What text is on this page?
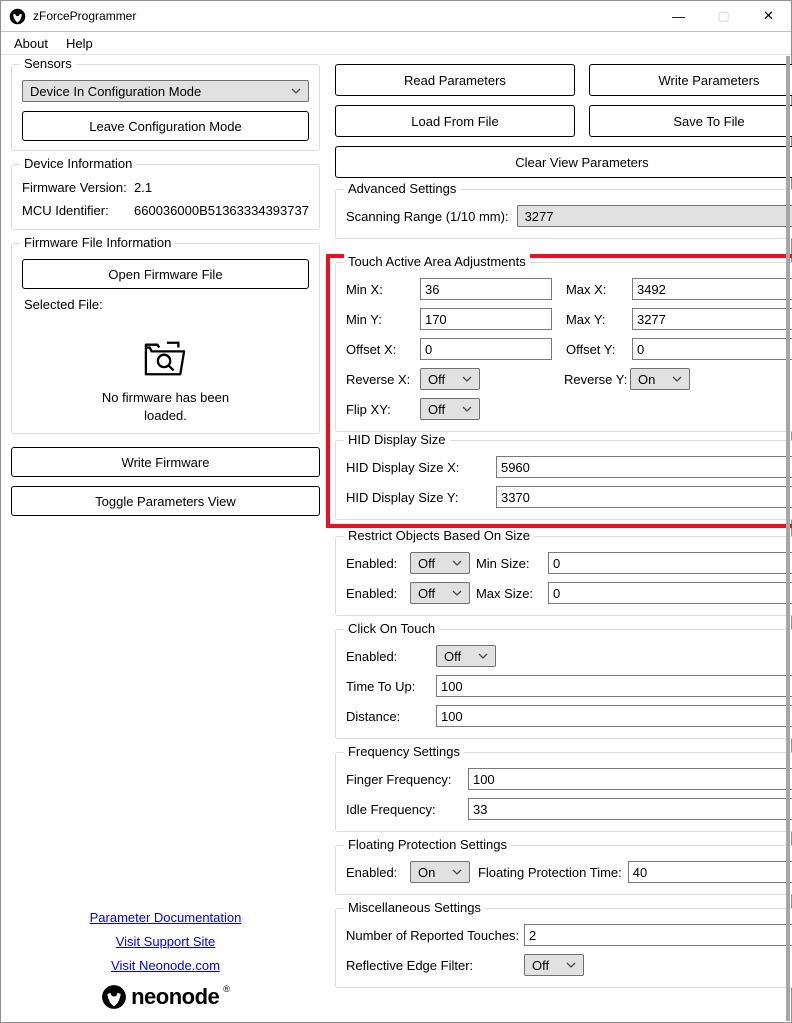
zForceProgrammer	—	▢	✕
About	Help
Sensors
Device In Configuration Mode
Leave Configuration Mode
Device Information
Firmware Version: 2.1
MCU Identifier:	660036000B51363334393737
Firmware File Information
Open Firmware File
Selected File:
No firmware has been
loaded.
Write Firmware
Toggle Parameters View
Parameter Documentation
Visit Support Site
Visit Neonode.com
neonode ®
Read Parameters	Write Parameters
Load From File	Save To File
Clear View Parameters
Advanced Settings
Scanning Range (1/10 mm): 3277
Touch Active Area Adjustments
Min X:
36	Max X:
3492
Min Y:
170	Max Y:
3277
Offset X:
0	Offset Y:
0
Reverse X:	Off	Reverse Y: On
Flip XY:	Off
HID Display Size
HID Display Size X:
5960
HID Display Size Y:
3370
Restrict Objects Based On Size
Enabled:	Off	Min Size:
0
Enabled:	Off	Max Size:
0
Click On Touch
Enabled:	Off
Time To Up:
100
Distance:
100
Frequency Settings
Finger Frequency:
100
Idle Frequency:
33
Floating Protection Settings
Enabled:	On	Floating Protection Time:
40
Miscellaneous Settings
Number of Reported Touches:
2
Reflective Edge Filter:	Off
